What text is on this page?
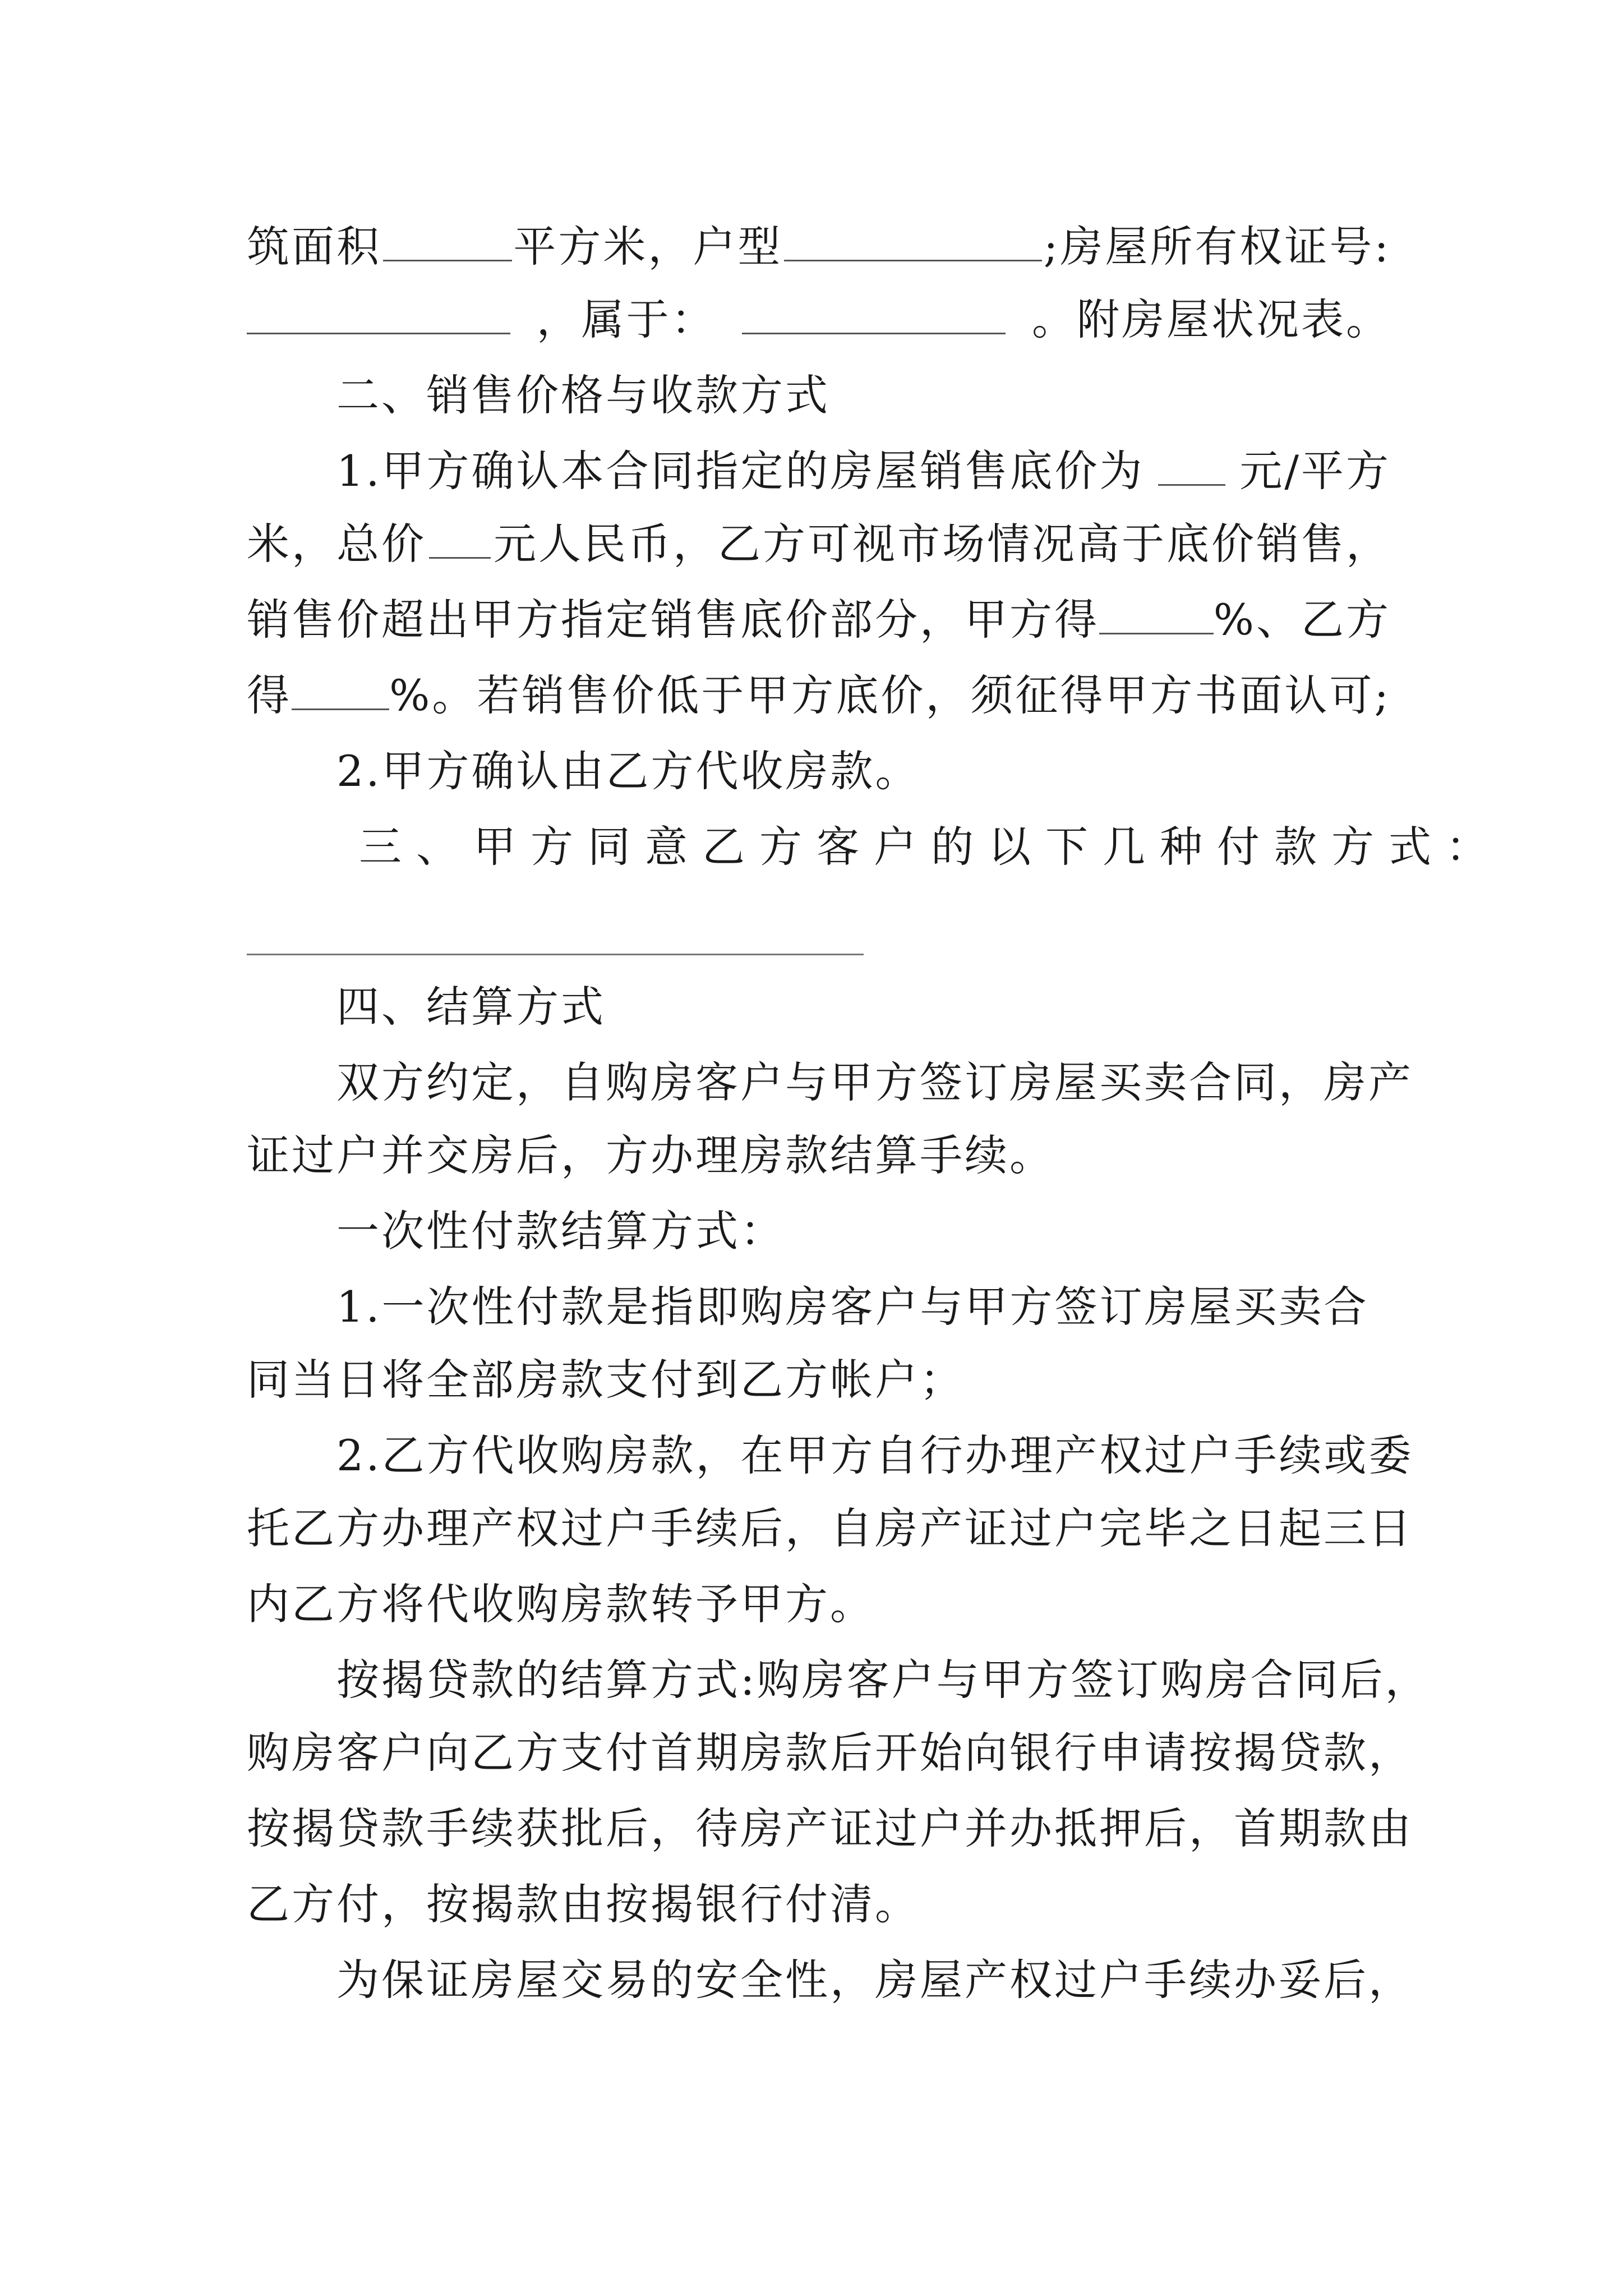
筑面积	平方米，户型	;房屋所有权证号:
，属于：	。附房屋状况表。
二、销售价格与收款方式
1.甲方确认本合同指定的房屋销售底价为 元/平方
米，总价 元人民币，乙方可视市场情况高于底价销售，
销售价超出甲方指定销售底价部分，甲方得	%、乙方
得 %。若销售价低于甲方底价，须征得甲方书面认可;
2.甲方确认由乙方代收房款。
三、甲方同意乙方客户的以下几种付款方式：
四、结算方式
双方约定，自购房客户与甲方签订房屋买卖合同，房产
证过户并交房后，方办理房款结算手续。
一次性付款结算方式：
1.一次性付款是指即购房客户与甲方签订房屋买卖合
同当日将全部房款支付到乙方帐户；
2.乙方代收购房款，在甲方自行办理产权过户手续或委
托乙方办理产权过户手续后，自房产证过户完毕之日起三日
内乙方将代收购房款转予甲方。
按揭贷款的结算方式:购房客户与甲方签订购房合同后，
购房客户向乙方支付首期房款后开始向银行申请按揭贷款，
按揭贷款手续获批后，待房产证过户并办抵押后，首期款由
乙方付，按揭款由按揭银行付清。
为保证房屋交易的安全性，房屋产权过户手续办妥后，
